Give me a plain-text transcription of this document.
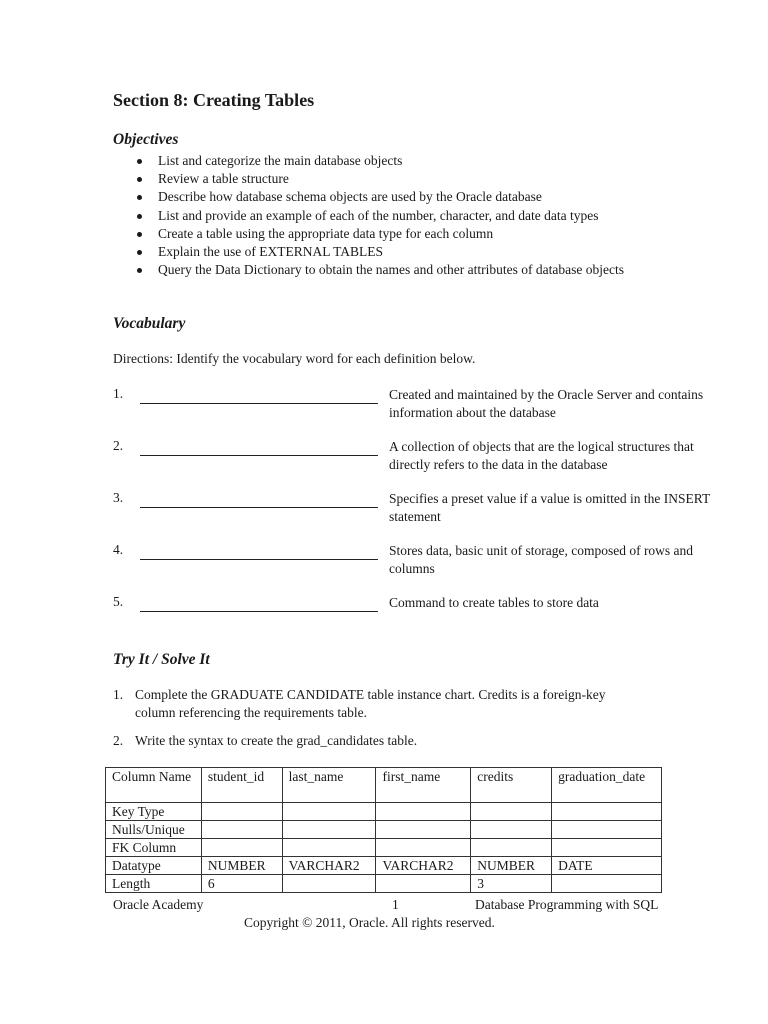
Section 8: Creating Tables
Objectives
List and categorize the main database objects
Review a table structure
Describe how database schema objects are used by the Oracle database
List and provide an example of each of the number, character, and date data types
Create a table using the appropriate data type for each column
Explain the use of EXTERNAL TABLES
Query the Data Dictionary to obtain the names and other attributes of database objects
Vocabulary
Directions: Identify the vocabulary word for each definition below.
1.	Created and maintained by the Oracle Server and contains information about the database
2.	A collection of objects that are the logical structures that directly refers to the data in the database
3.	Specifies a preset value if a value is omitted in the INSERT statement
4.	Stores data, basic unit of storage, composed of rows and columns
5.	Command to create tables to store data
Try It / Solve It
1. Complete the GRADUATE CANDIDATE table instance chart. Credits is a foreign-key column referencing the requirements table.
2. Write the syntax to create the grad_candidates table.
Column Name	student_id	last_name	first_name	credits	graduation_date
Key Type					
Nulls/Unique					
FK Column					
Datatype	NUMBER	VARCHAR2	VARCHAR2	NUMBER	DATE
Length	6			3	
Oracle Academy	1	Database Programming with SQL
Copyright © 2011, Oracle. All rights reserved.
